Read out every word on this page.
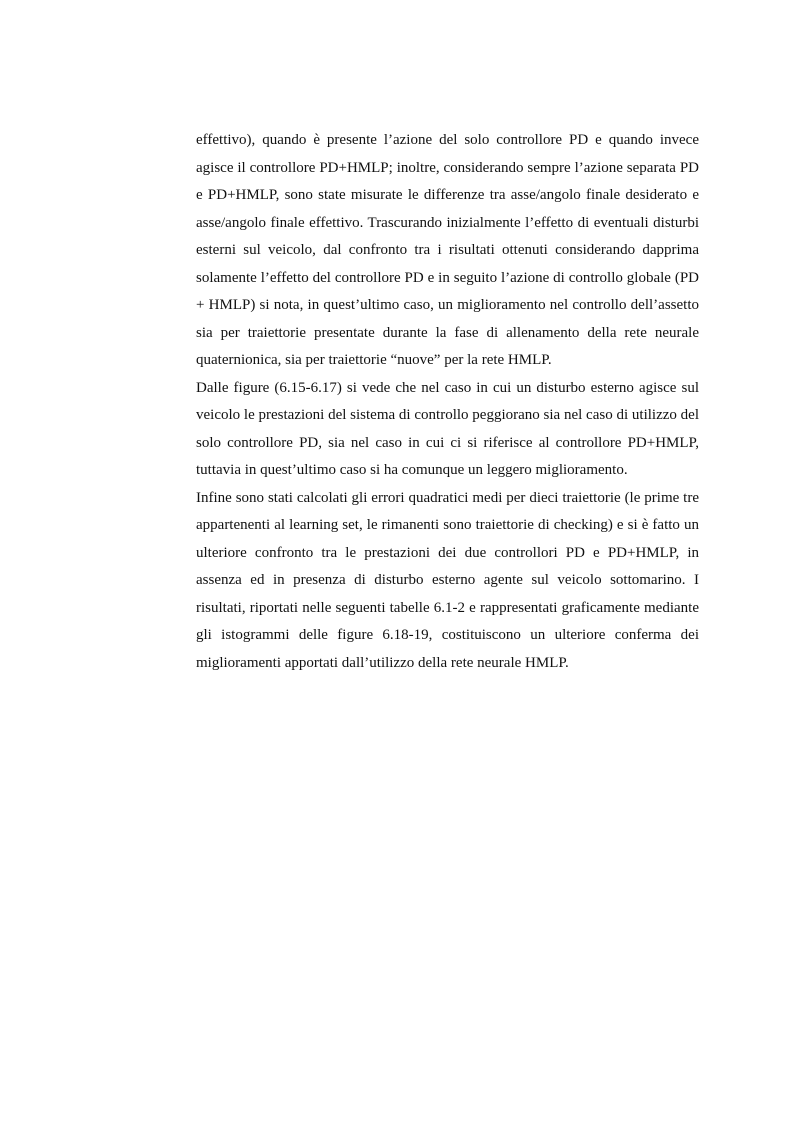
effettivo), quando è presente l’azione del solo controllore PD e quando invece agisce il controllore PD+HMLP; inoltre, considerando sempre l’azione separata PD e PD+HMLP, sono state misurate le differenze tra asse/angolo finale desiderato e asse/angolo finale effettivo. Trascurando inizialmente l’effetto di eventuali disturbi esterni sul veicolo, dal confronto tra i risultati ottenuti considerando dapprima solamente l’effetto del controllore PD e in seguito l’azione di controllo globale (PD + HMLP) si nota, in quest’ultimo caso, un miglioramento nel controllo dell’assetto sia per traiettorie presentate durante la fase di allenamento della rete neurale quaternionica, sia per traiettorie “nuove” per la rete HMLP.

Dalle figure (6.15-6.17) si vede che nel caso in cui un disturbo esterno agisce sul veicolo le prestazioni del sistema di controllo peggiorano sia nel caso di utilizzo del solo controllore PD, sia nel caso in cui ci si riferisce al controllore PD+HMLP, tuttavia in quest’ultimo caso si ha comunque un leggero miglioramento.

Infine sono stati calcolati gli errori quadratici medi per dieci traiettorie (le prime tre appartenenti al learning set, le rimanenti sono traiettorie di checking) e si è fatto un ulteriore confronto tra le prestazioni dei due controllori PD e PD+HMLP, in assenza ed in presenza di disturbo esterno agente sul veicolo sottomarino. I risultati, riportati nelle seguenti tabelle 6.1-2 e rappresentati graficamente mediante gli istogrammi delle figure 6.18-19, costituiscono un ulteriore conferma dei miglioramenti apportati dall’utilizzo della rete neurale HMLP.
